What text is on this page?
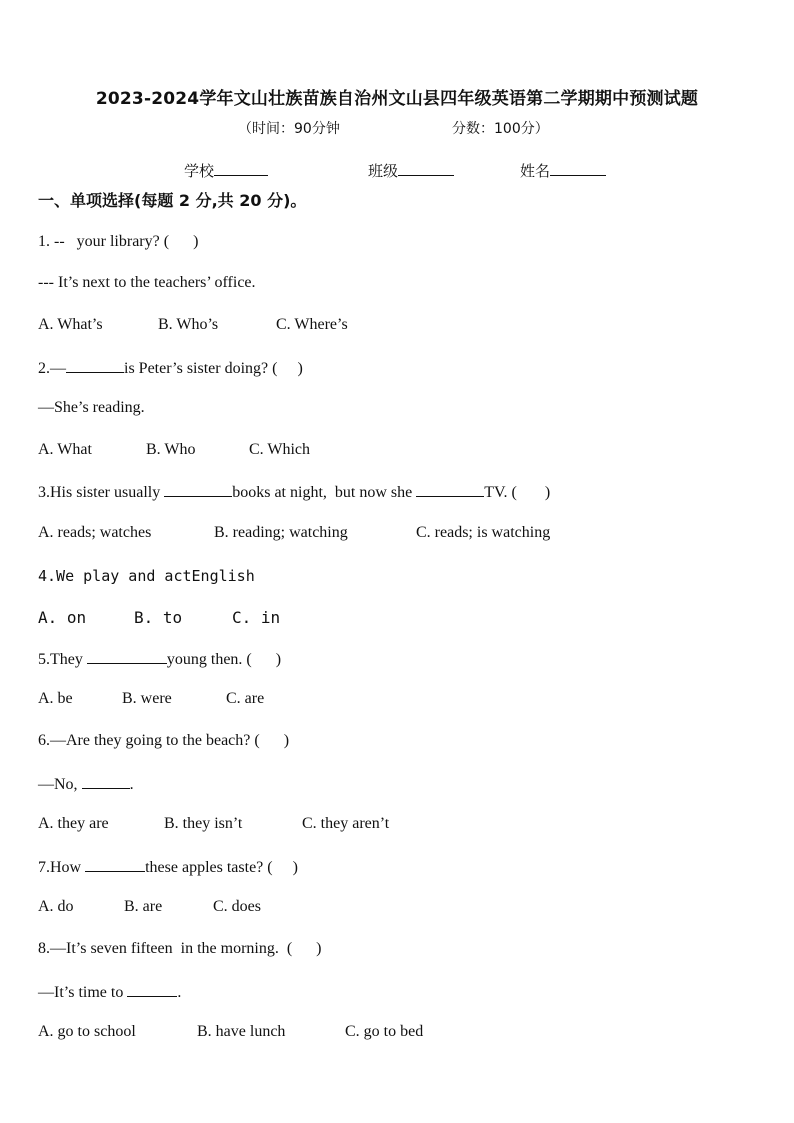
2023-2024学年文山壮族苗族自治州文山县四年级英语第二学期期中预测试题
（时间：90分钟	分数：100分）
学校	班级	姓名
一、单项选择(每题 2 分,共 20 分)。
1. --   your library? (      )
--- It’s next to the teachers’ office.
A. What’s	B. Who’s	C. Where’s
2.—	is Peter’s sister doing? (     )
—She’s reading.
A. What	B. Who	C. Which
3.His sister usually	books at night,  but now she	TV. (       )
A. reads; watches	B. reading; watching	C. reads; is watching
4.We play and actEnglish
A. on	B. to	C. in
5.They	young then. (      )
A. be	B. were	C. are
6.—Are they going to the beach? (      )
—No,	.
A. they are	B. they isn’t	C. they aren’t
7.How	these apples taste? (     )
A. do	B. are	C. does
8.—It’s seven fifteen  in the morning.  (      )
—It’s time to	.
A. go to school	B. have lunch	C. go to bed
